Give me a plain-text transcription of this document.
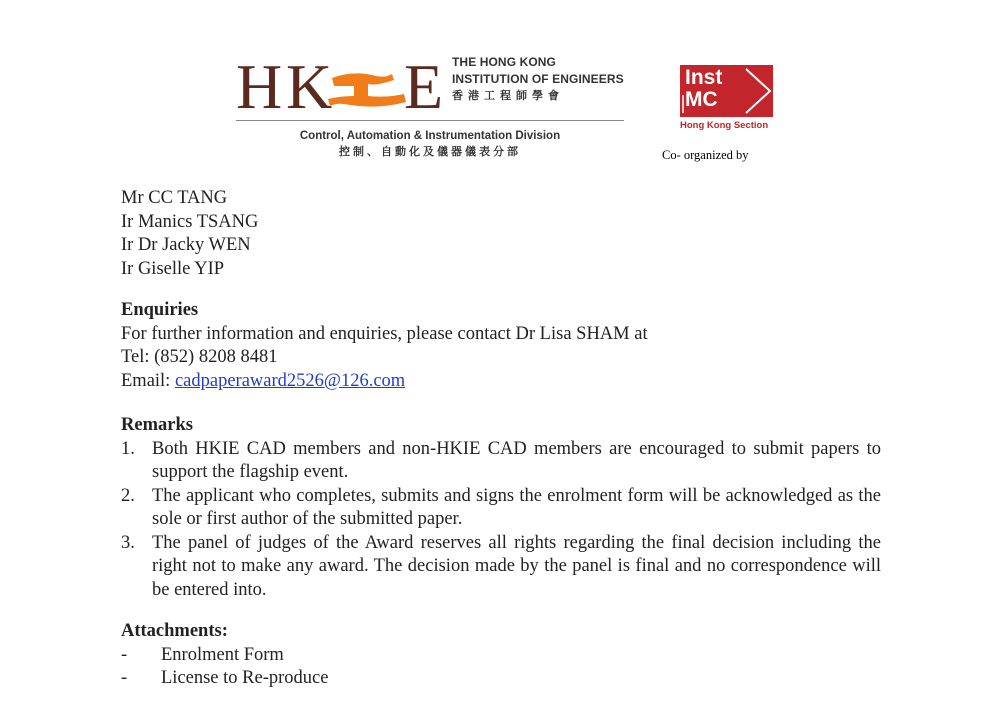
H K E THE HONG KONG
INSTITUTION OF ENGINEERS
香港工程師學會
Control, Automation & Instrumentation Division
控制、自動化及儀器儀表分部
Inst
MC
Hong Kong Section
Co- organized by
Mr CC TANG
Ir Manics TSANG
Ir Dr Jacky WEN
Ir Giselle YIP
Enquiries
For further information and enquiries, please contact Dr Lisa SHAM at
Tel: (852) 8208 8481
Email: cadpaperaward2526@126.com
Remarks
1. Both HKIE CAD members and non-HKIE CAD members are encouraged to submit papers to support the flagship event.
2. The applicant who completes, submits and signs the enrolment form will be acknowledged as the sole or first author of the submitted paper.
3. The panel of judges of the Award reserves all rights regarding the final decision including the right not to make any award. The decision made by the panel is final and no correspondence will be entered into.
Attachments:
-	Enrolment Form
-	License to Re-produce
